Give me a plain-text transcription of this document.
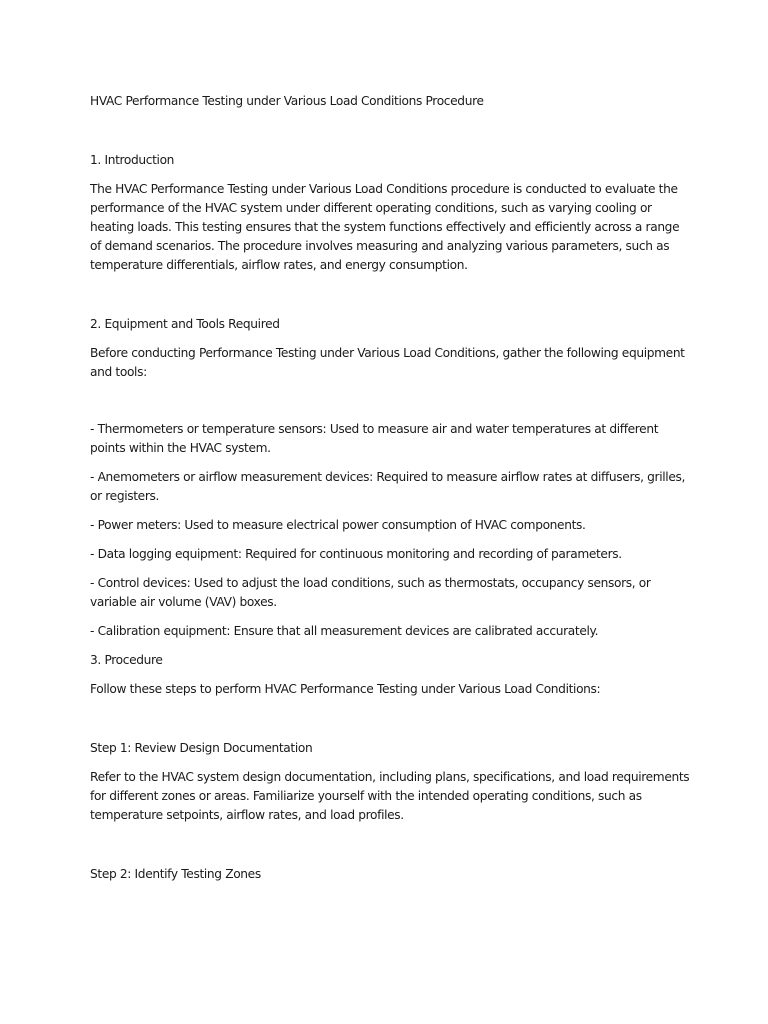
HVAC Performance Testing under Various Load Conditions Procedure

1. Introduction

The HVAC Performance Testing under Various Load Conditions procedure is conducted to evaluate the performance of the HVAC system under different operating conditions, such as varying cooling or heating loads. This testing ensures that the system functions effectively and efficiently across a range of demand scenarios. The procedure involves measuring and analyzing various parameters, such as temperature differentials, airflow rates, and energy consumption.

2. Equipment and Tools Required

Before conducting Performance Testing under Various Load Conditions, gather the following equipment and tools:

- Thermometers or temperature sensors: Used to measure air and water temperatures at different points within the HVAC system.

- Anemometers or airflow measurement devices: Required to measure airflow rates at diffusers, grilles, or registers.

- Power meters: Used to measure electrical power consumption of HVAC components.

- Data logging equipment: Required for continuous monitoring and recording of parameters.

- Control devices: Used to adjust the load conditions, such as thermostats, occupancy sensors, or variable air volume (VAV) boxes.

- Calibration equipment: Ensure that all measurement devices are calibrated accurately.

3. Procedure

Follow these steps to perform HVAC Performance Testing under Various Load Conditions:

Step 1: Review Design Documentation

Refer to the HVAC system design documentation, including plans, specifications, and load requirements for different zones or areas. Familiarize yourself with the intended operating conditions, such as temperature setpoints, airflow rates, and load profiles.

Step 2: Identify Testing Zones
